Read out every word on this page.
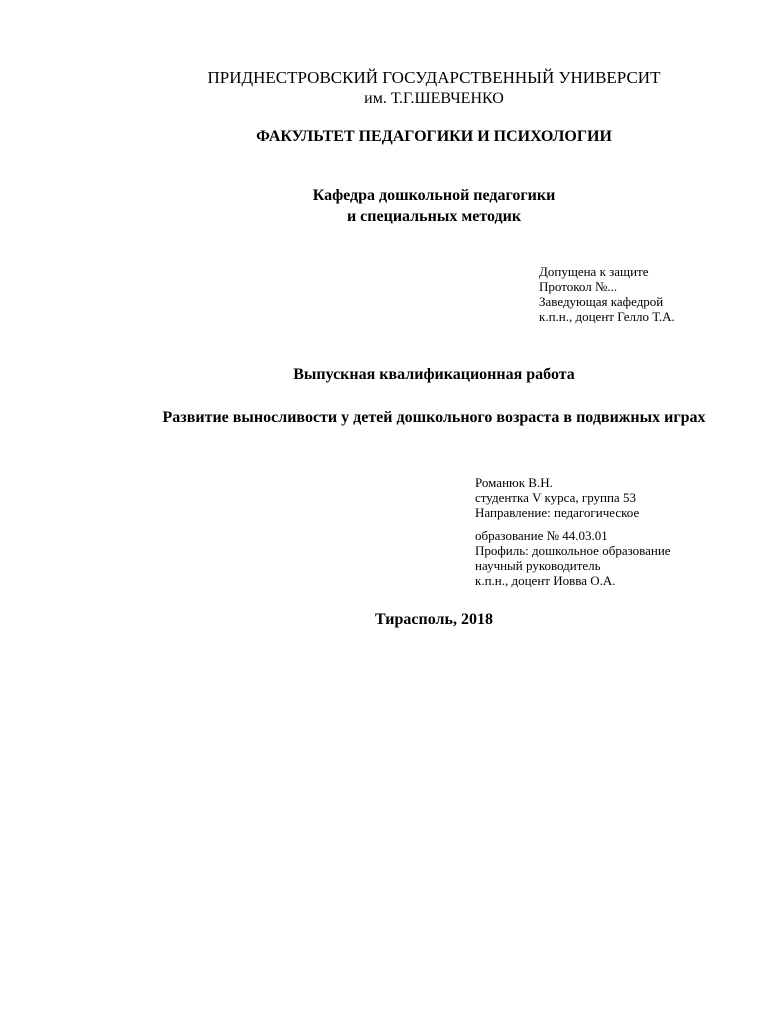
ПРИДНЕСТРОВСКИЙ ГОСУДАРСТВЕННЫЙ УНИВЕРСИТ
им. Т.Г.ШЕВЧЕНКО
ФАКУЛЬТЕТ ПЕДАГОГИКИ И ПСИХОЛОГИИ
Кафедра дошкольной педагогики
и специальных методик
Допущена к защите
Протокол №...
Заведующая кафедрой
к.п.н., доцент Гелло Т.А.
Выпускная квалификационная работа
Развитие выносливости у детей дошкольного возраста в подвижных играх
Романюк В.Н.
студентка V курса, группа 53
Направление: педагогическое
образование № 44.03.01
Профиль: дошкольное образование
научный руководитель
к.п.н., доцент Иовва О.А.
Тирасполь, 2018
